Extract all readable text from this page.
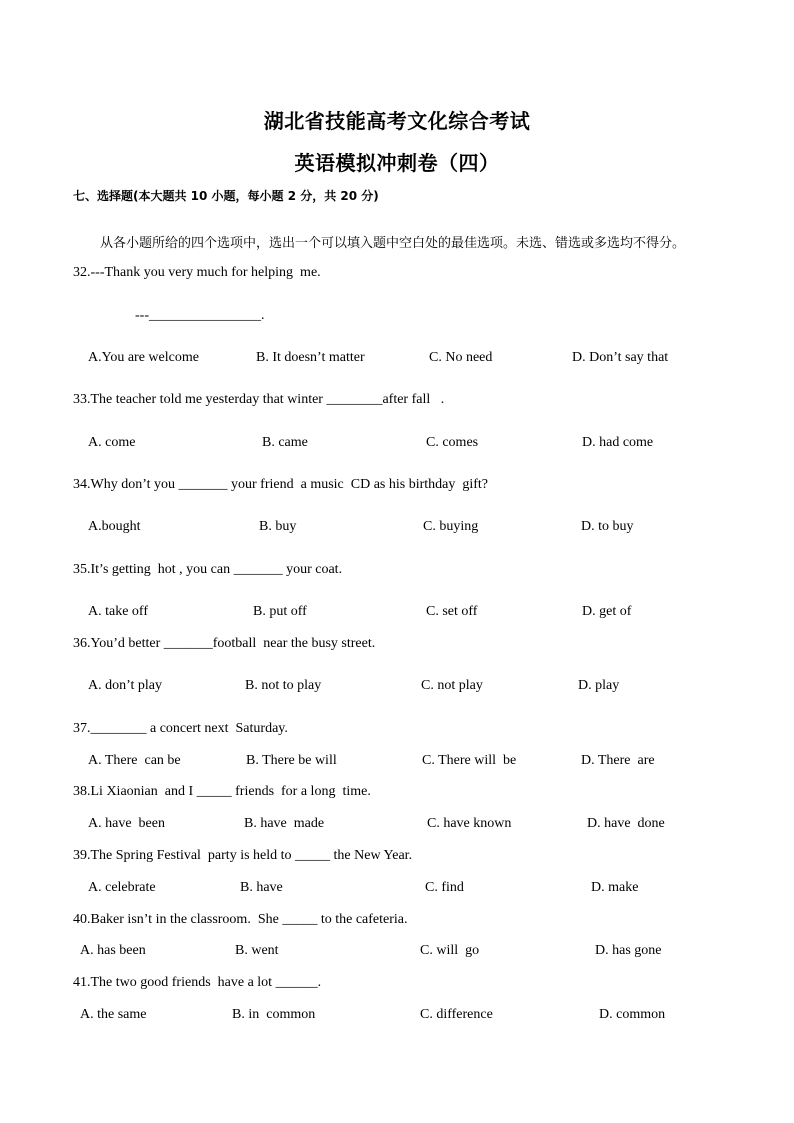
湖北省技能高考文化综合考试
英语模拟冲刺卷（四）
七、选择题(本大题共 10 小题，每小题 2 分，共 20 分)
从各小题所给的四个选项中，选出一个可以填入题中空白处的最佳选项。未选、错选或多选均不得分。
32.---Thank you very much for helping  me.
---________________.
A.You are welcome	B. It doesn’t matter	C. No need	D. Don’t say that
33.The teacher told me yesterday that winter ________after fall   .
A. come	B. came	C. comes	D. had come
34.Why don’t you _______ your friend  a music  CD as his birthday  gift?
A.bought	B. buy	C. buying	D. to buy
35.It’s getting  hot , you can _______ your coat.
A. take off	B. put off	C. set off	D. get of
36.You’d better _______football  near the busy street.
A. don’t play	B. not to play	C. not play	D. play
37.________ a concert next  Saturday.
A. There  can be	B. There be will	C. There will  be	D. There  are
38.Li Xiaonian  and I _____ friends  for a long  time.
A. have  been	B. have  made	C. have known	D. have  done
39.The Spring Festival  party is held to _____ the New Year.
A. celebrate	B. have	C. find	D. make
40.Baker isn’t in the classroom.  She _____ to the cafeteria.
A. has been	B. went	C. will  go	D. has gone
41.The two good friends  have a lot ______.
A. the same	B. in  common	C. difference	D. common
